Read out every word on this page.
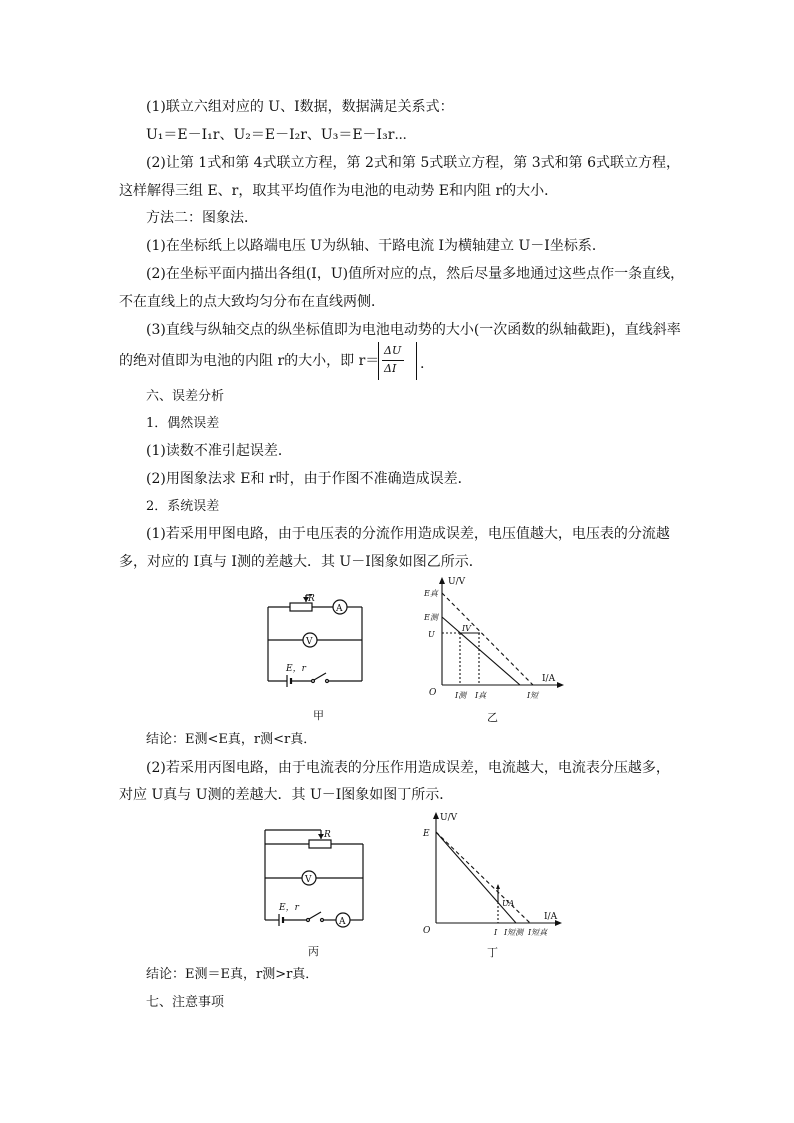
(1)联立六组对应的 U、I数据，数据满足关系式：
U₁＝E－I₁r、U₂＝E－I₂r、U₃＝E－I₃r⋯
(2)让第 1式和第 4式联立方程，第 2式和第 5式联立方程，第 3式和第 6式联立方程，
这样解得三组 E、r，取其平均值作为电池的电动势 E和内阻 r的大小．
方法二：图象法．
(1)在坐标纸上以路端电压 U为纵轴、干路电流 I为横轴建立 U－I坐标系．
(2)在坐标平面内描出各组(I，U)值所对应的点，然后尽量多地通过这些点作一条直线，
不在直线上的点大致均匀分布在直线两侧．
(3)直线与纵轴交点的纵坐标值即为电池电动势的大小(一次函数的纵轴截距)，直线斜率
的绝对值即为电池的内阻 r的大小，即 r＝
ΔU
ΔI .
六、误差分析
1．偶然误差
(1)读数不准引起误差．
(2)用图象法求 E和 r时，由于作图不准确造成误差．
2．系统误差
(1)若采用甲图电路，由于电压表的分流作用造成误差，电压值越大，电压表的分流越
多，对应的 I真与 I测的差越大．其 U－I图象如图乙所示．
R
A
V
E，r
甲
U/V
I/A
O
E真
E测
U
IV
I测 I真	I短
乙
结论：E测<E真，r测<r真．
(2)若采用丙图电路，由于电流表的分压作用造成误差，电流越大，电流表分压越多，
对应 U真与 U测的差越大．其 U－I图象如图丁所示．
R
V
A
E，r
丙
U/V
I/A
O
E
UA
I I短测 I短真
丁
结论：E测＝E真，r测>r真．
七、注意事项
